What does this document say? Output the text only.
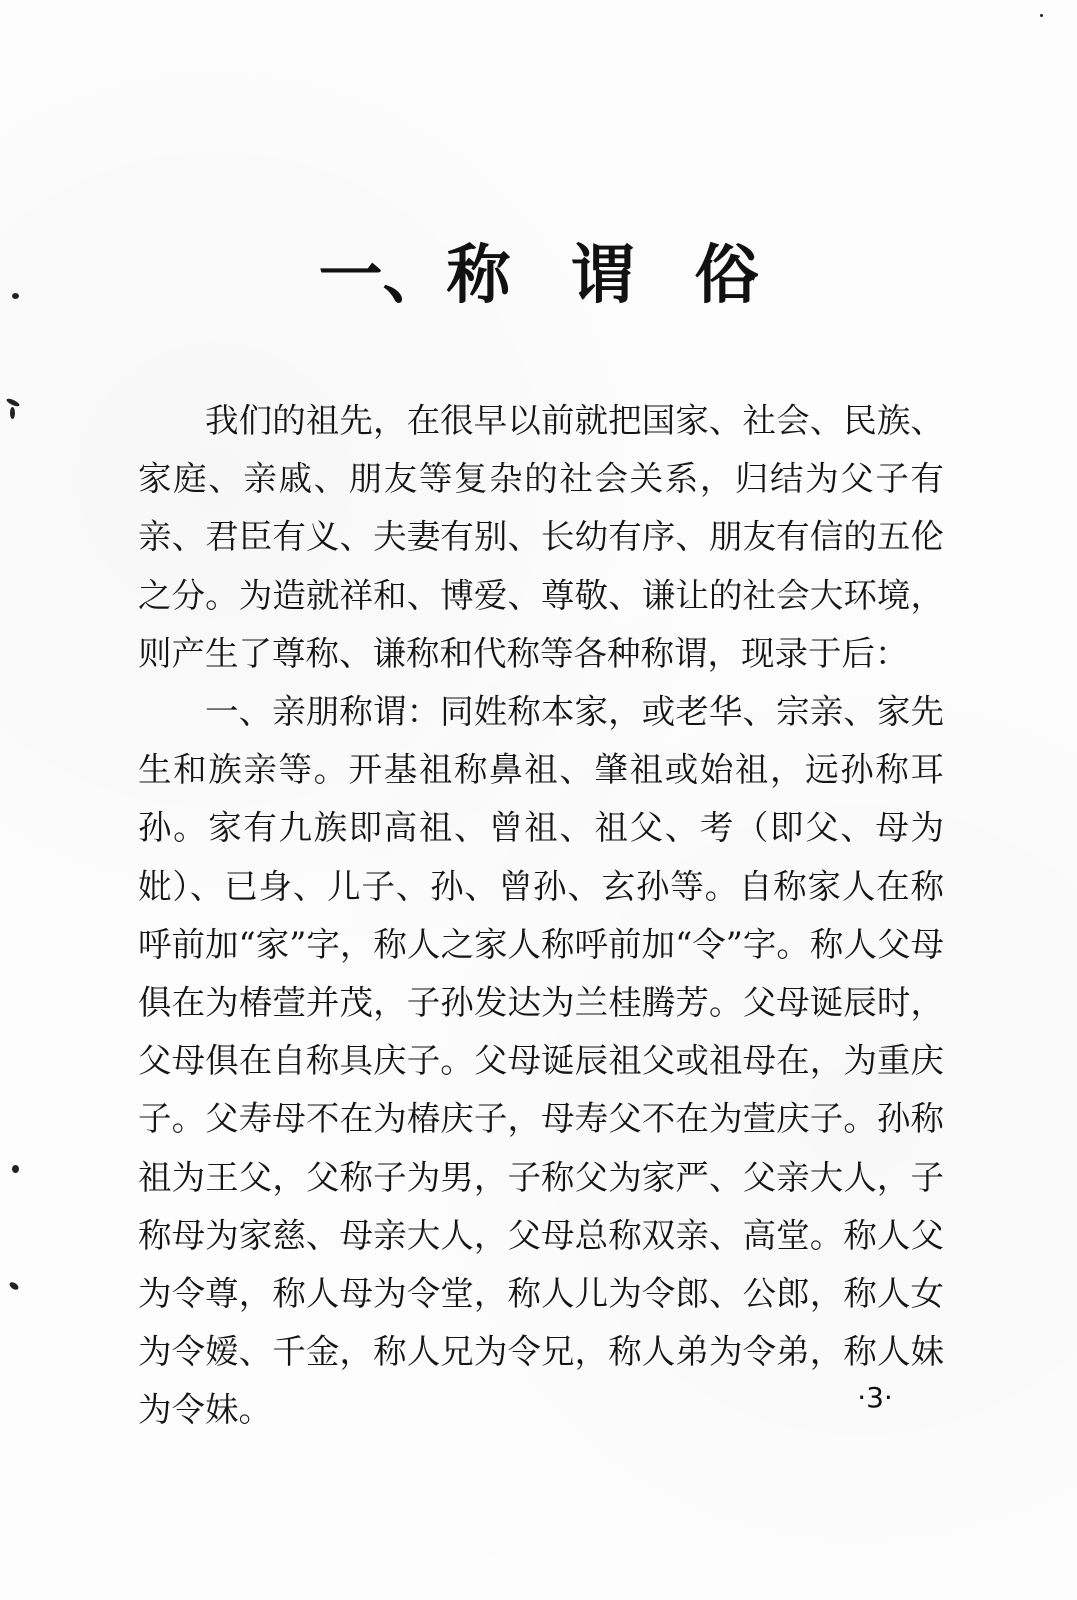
一、称 谓 俗

我们的祖先，在很早以前就把国家、社会、民族、家庭、亲戚、朋友等复杂的社会关系，归结为父子有亲、君臣有义、夫妻有别、长幼有序、朋友有信的五伦之分。为造就祥和、博爱、尊敬、谦让的社会大环境，则产生了尊称、谦称和代称等各种称谓，现录于后：

一、亲朋称谓：同姓称本家，或老华、宗亲、家先生和族亲等。开基祖称鼻祖、肇祖或始祖，远孙称耳孙。家有九族即高祖、曾祖、祖父、考（即父、母为妣）、已身、儿子、孙、曾孙、玄孙等。自称家人在称呼前加“家”字，称人之家人称呼前加“令”字。称人父母俱在为椿萱并茂，子孙发达为兰桂腾芳。父母诞辰时，父母俱在自称具庆子。父母诞辰祖父或祖母在，为重庆子。父寿母不在为椿庆子，母寿父不在为萱庆子。孙称祖为王父，父称子为男，子称父为家严、父亲大人，子称母为家慈、母亲大人，父母总称双亲、高堂。称人父为令尊，称人母为令堂，称人儿为令郎、公郎，称人女为令嫒、千金，称人兄为令兄，称人弟为令弟，称人妹为令妹。	·3·
